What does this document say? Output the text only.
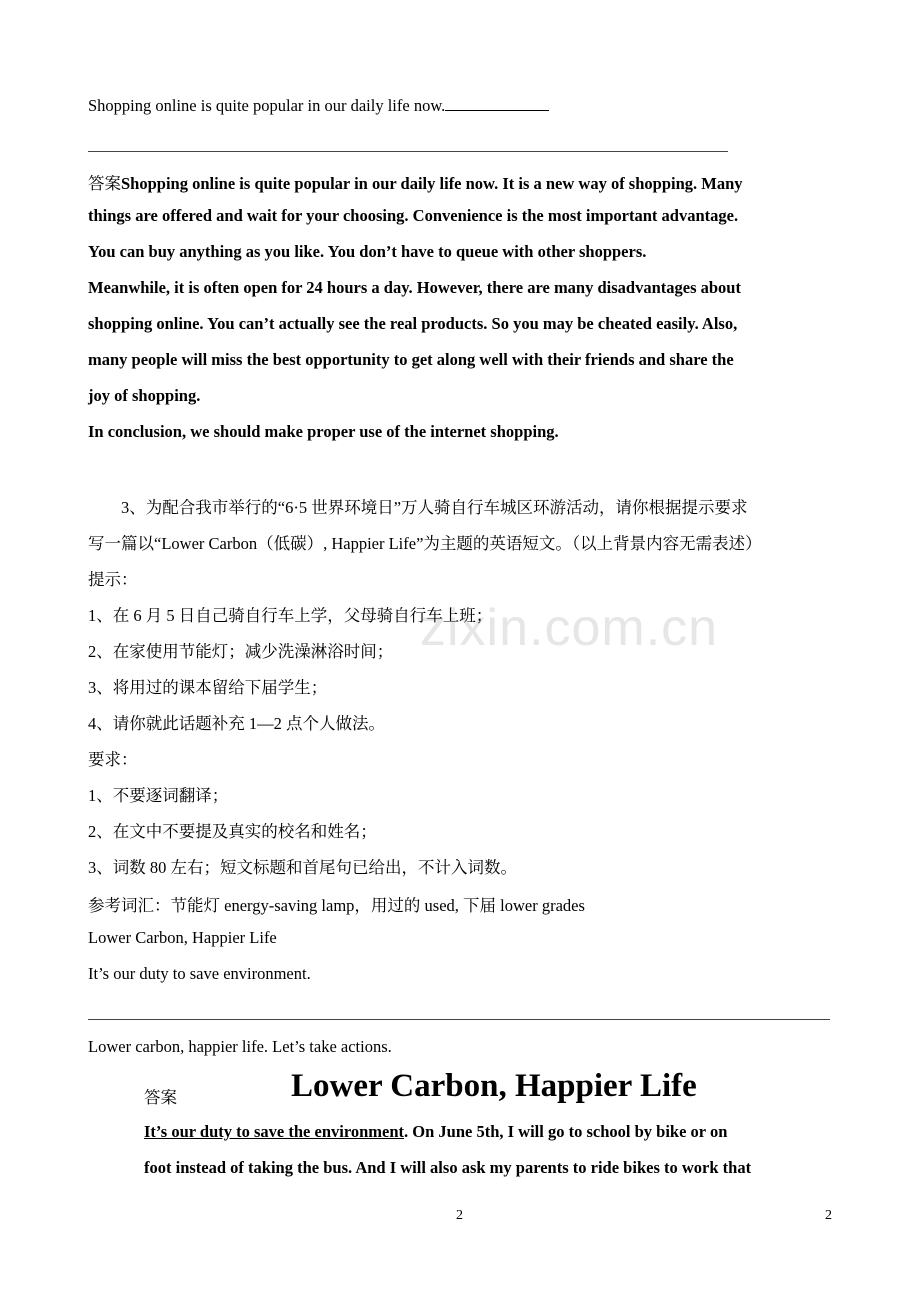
zixin.com.cn
Shopping online is quite popular in our daily life now.
答案Shopping online is quite popular in our daily life now. It is a new way of shopping. Many
things are offered and wait for your choosing. Convenience is the most important advantage.
You can buy anything as you like. You don’t have to queue with other shoppers.
Meanwhile, it is often open for 24 hours a day. However, there are many disadvantages about
shopping online. You can’t actually see the real products. So you may be cheated easily. Also,
many people will miss the best opportunity to get along well with their friends and share the
joy of shopping.
In conclusion, we should make proper use of the internet shopping.
3、为配合我市举行的“6·5 世界环境日”万人骑自行车城区环游活动，请你根据提示要求
写一篇以“Lower Carbon（低碳）, Happier Life”为主题的英语短文。（以上背景内容无需表述）
提示：
1、在 6 月 5 日自己骑自行车上学，父母骑自行车上班；
2、在家使用节能灯；减少洗澡淋浴时间；
3、将用过的课本留给下届学生；
4、请你就此话题补充 1—2 点个人做法。
要求：
1、不要逐词翻译；
2、在文中不要提及真实的校名和姓名；
3、词数 80 左右；短文标题和首尾句已给出，不计入词数。
参考词汇：节能灯 energy-saving lamp，用过的 used, 下届 lower grades
Lower Carbon, Happier Life
It’s our duty to save environment.
Lower carbon, happier life. Let’s take actions.
答案	Lower Carbon, Happier Life
It’s our duty to save the environment. On June 5th, I will go to school by bike or on
foot instead of taking the bus. And I will also ask my parents to ride bikes to work that
2	2
